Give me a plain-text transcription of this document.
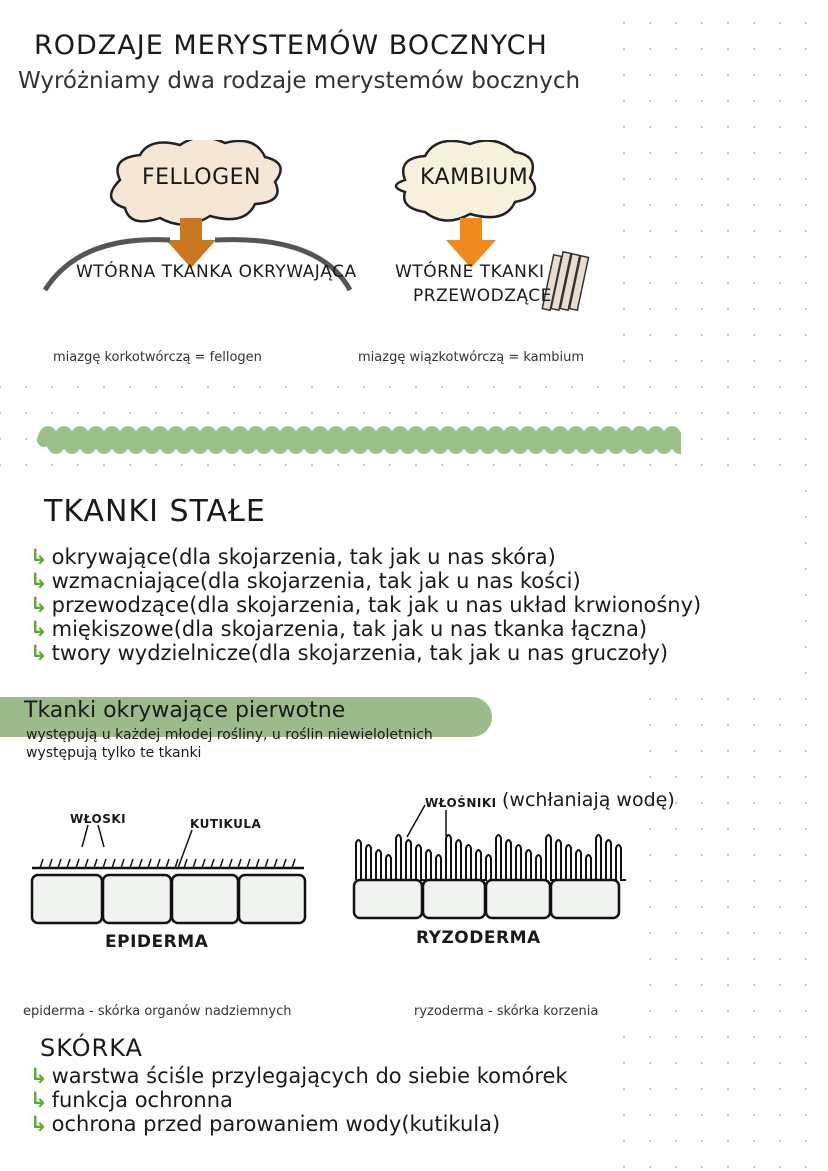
RODZAJE MERYSTEMÓW BOCZNYCH
Wyróżniamy dwa rodzaje merystemów bocznych
FELLOGEN	KAMBIUM
WTÓRNA TKANKA OKRYWAJĄCA WTÓRNE TKANKI
PRZEWODZĄCE
miazgę korkotwórczą = fellogen	miazgę wiązkotwórczą = kambium
TKANKI STAŁE
↳ okrywające(dla skojarzenia, tak jak u nas skóra)
↳ wzmacniające(dla skojarzenia, tak jak u nas kości)
↳ przewodzące(dla skojarzenia, tak jak u nas układ krwionośny)
↳ miękiszowe(dla skojarzenia, tak jak u nas tkanka łączna)
↳ twory wydzielnicze(dla skojarzenia, tak jak u nas gruczoły)
Tkanki okrywające pierwotne
występują u każdej młodej rośliny, u roślin niewieloletnich
występują tylko te tkanki
WŁOSKI	KUTIKULA
EPIDERMA
WŁOŚNIKI (wchłaniają wodę)
RYZODERMA
epiderma - skórka organów nadziemnych	ryzoderma - skórka korzenia
SKÓRKA
↳ warstwa ściśle przylegających do siebie komórek
↳ funkcja ochronna
↳ ochrona przed parowaniem wody(kutikula)
